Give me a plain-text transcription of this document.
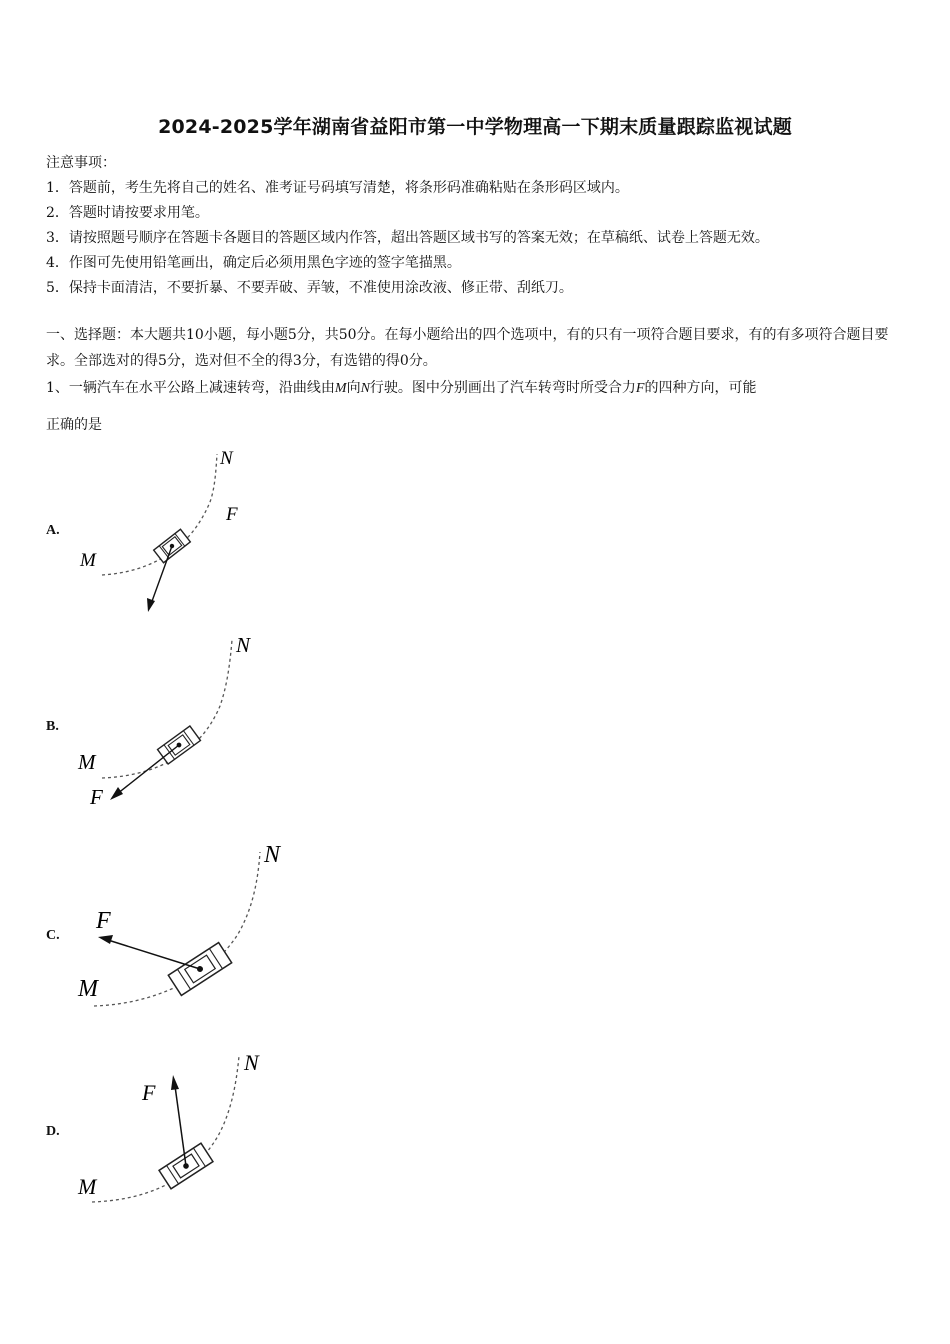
2024-2025学年湖南省益阳市第一中学物理高一下期末质量跟踪监视试题
注意事项：
1．答题前，考生先将自己的姓名、准考证号码填写清楚，将条形码准确粘贴在条形码区域内。
2．答题时请按要求用笔。
3．请按照题号顺序在答题卡各题目的答题区域内作答，超出答题区域书写的答案无效；在草稿纸、试卷上答题无效。
4．作图可先使用铅笔画出，确定后必须用黑色字迹的签字笔描黑。
5．保持卡面清洁，不要折暴、不要弄破、弄皱，不准使用涂改液、修正带、刮纸刀。
一、选择题：本大题共10小题，每小题5分，共50分。在每小题给出的四个选项中，有的只有一项符合题目要求，有的有多项符合题目要求。全部选对的得5分，选对但不全的得3分，有选错的得0分。
1、一辆汽车在水平公路上减速转弯，沿曲线由M向N行驶。图中分别画出了汽车转弯时所受合力F的四种方向，可能
正确的是
A.
M
N
F
B.
M
N
F
C.
M
N
F
D.
M
N
F
